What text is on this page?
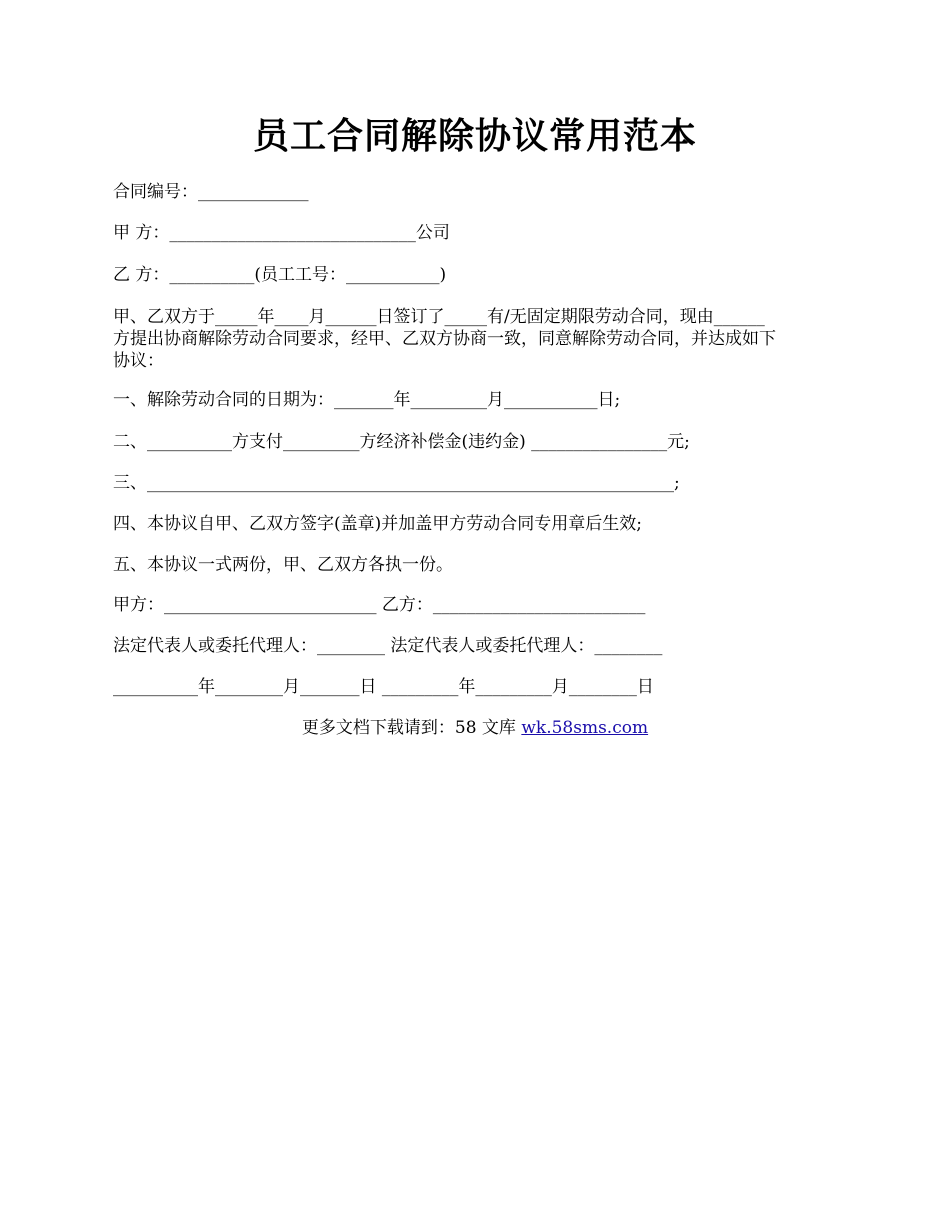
员工合同解除协议常用范本
合同编号：_____________
甲 方：_____________________________公司
乙 方：__________(员工工号：___________)
甲、乙双方于_____年____月______日签订了_____有/无固定期限劳动合同，现由______
方提出协商解除劳动合同要求，经甲、乙双方协商一致，同意解除劳动合同，并达成如下
协议：
一、解除劳动合同的日期为：_______年_________月___________日;
二、__________方支付_________方经济补偿金(违约金) ________________元;
三、______________________________________________________________;
四、本协议自甲、乙双方签字(盖章)并加盖甲方劳动合同专用章后生效;
五、本协议一式两份，甲、乙双方各执一份。
甲方：_________________________ 乙方：_________________________
法定代表人或委托代理人：________ 法定代表人或委托代理人：________
__________年________月_______日 _________年_________月________日
更多文档下载请到：58 文库 wk.58sms.com
